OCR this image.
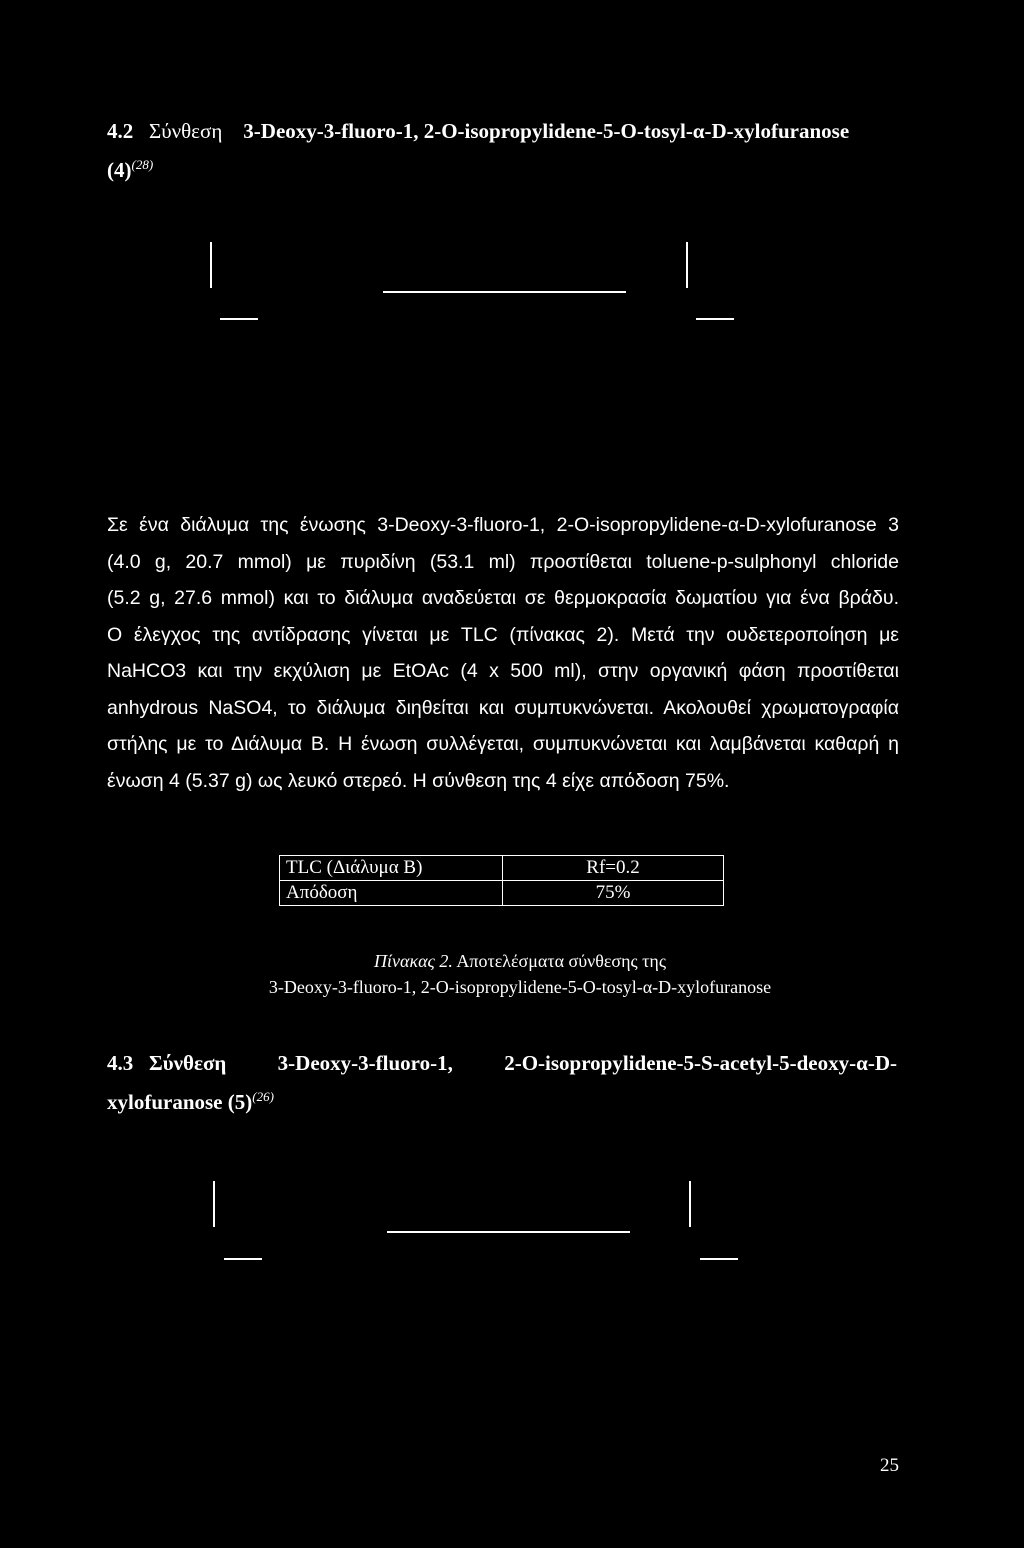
4.2 Σύνθεση 3-Deoxy-3-fluoro-1, 2-O-isopropylidene-5-O-tosyl-α-D-xylofuranose
$(4)^{(28)}$
Σε ένα διάλυμα της ένωσης 3-Deoxy-3-fluoro-1, 2-O-isopropylidene-α-D-xylofuranose 3
(4.0 g, 20.7 mmol) με πυριδίνη (53.1 ml) προστίθεται toluene-p-sulphonyl chloride
(5.2 g, 27.6 mmol) και το διάλυμα αναδεύεται σε θερμοκρασία δωματίου για ένα βράδυ.
Ο έλεγχος της αντίδρασης γίνεται με TLC (πίνακας 2). Μετά την ουδετεροποίηση με
NaHCO3 και την εκχύλιση με EtOAc (4 x 500 ml), στην οργανική φάση προστίθεται
anhydrous NaSO4, το διάλυμα διηθείται και συμπυκνώνεται. Ακολουθεί χρωματογραφία
στήλης με το Διάλυμα Β. Η ένωση συλλέγεται, συμπυκνώνεται και λαμβάνεται καθαρή η
ένωση 4 (5.37 g) ως λευκό στερεό. Η σύνθεση της 4 είχε απόδοση 75%.
TLC (Διάλυμα Β)	Rf=0.2
Απόδοση	75%
Πίνακας 2. Αποτελέσματα σύνθεσης της
3-Deoxy-3-fluoro-1, 2-O-isopropylidene-5-O-tosyl-α-D-xylofuranose
4.3 Σύνθεση 3-Deoxy-3-fluoro-1, 2-O-isopropylidene-5-S-acetyl-5-deoxy-α-D-
xylofuranose $(5)^{(26)}$
25
